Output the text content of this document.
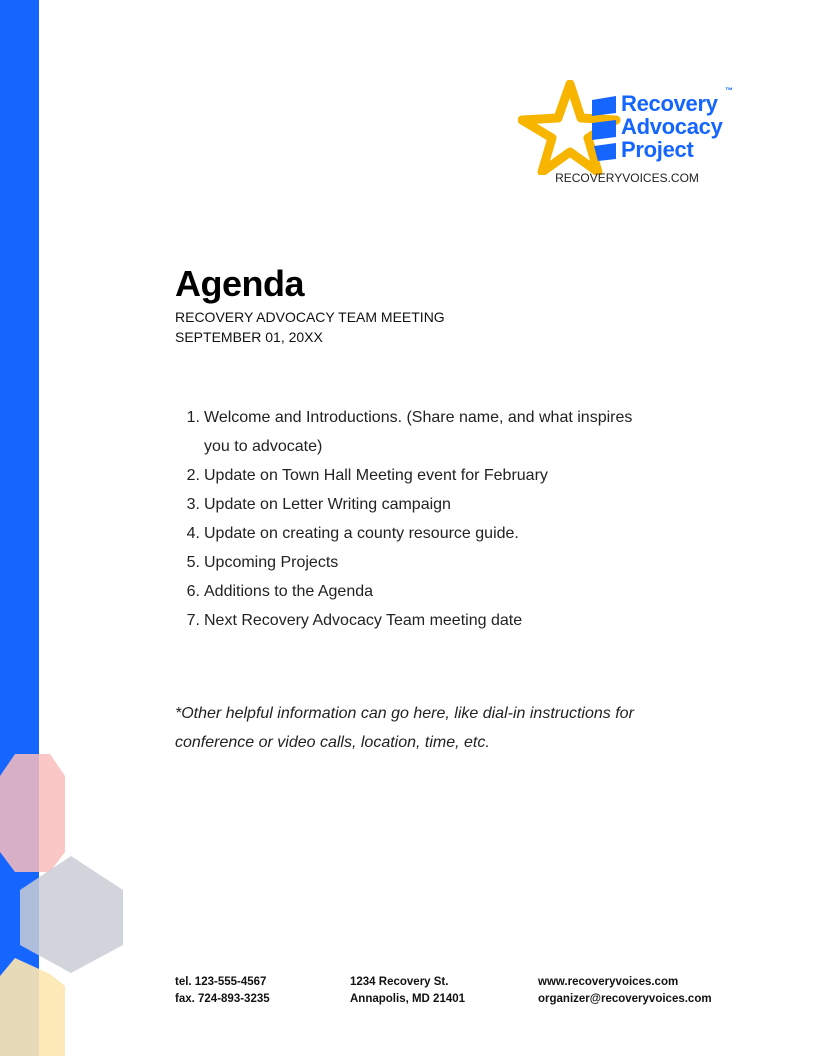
Recovery
Advocacy
Project
™
RECOVERYVOICES.COM
Agenda
RECOVERY ADVOCACY TEAM MEETING
SEPTEMBER 01, 20XX
1. Welcome and Introductions. (Share name, and what inspires you to advocate)
2. Update on Town Hall Meeting event for February
3. Update on Letter Writing campaign
4. Update on creating a county resource guide.
5. Upcoming Projects
6. Additions to the Agenda
7. Next Recovery Advocacy Team meeting date

*Other helpful information can go here, like dial-in instructions for conference or video calls, location, time, etc.

tel. 123-555-4567
fax. 724-893-3235
1234 Recovery St.
Annapolis, MD 21401
www.recoveryvoices.com
organizer@recoveryvoices.com
